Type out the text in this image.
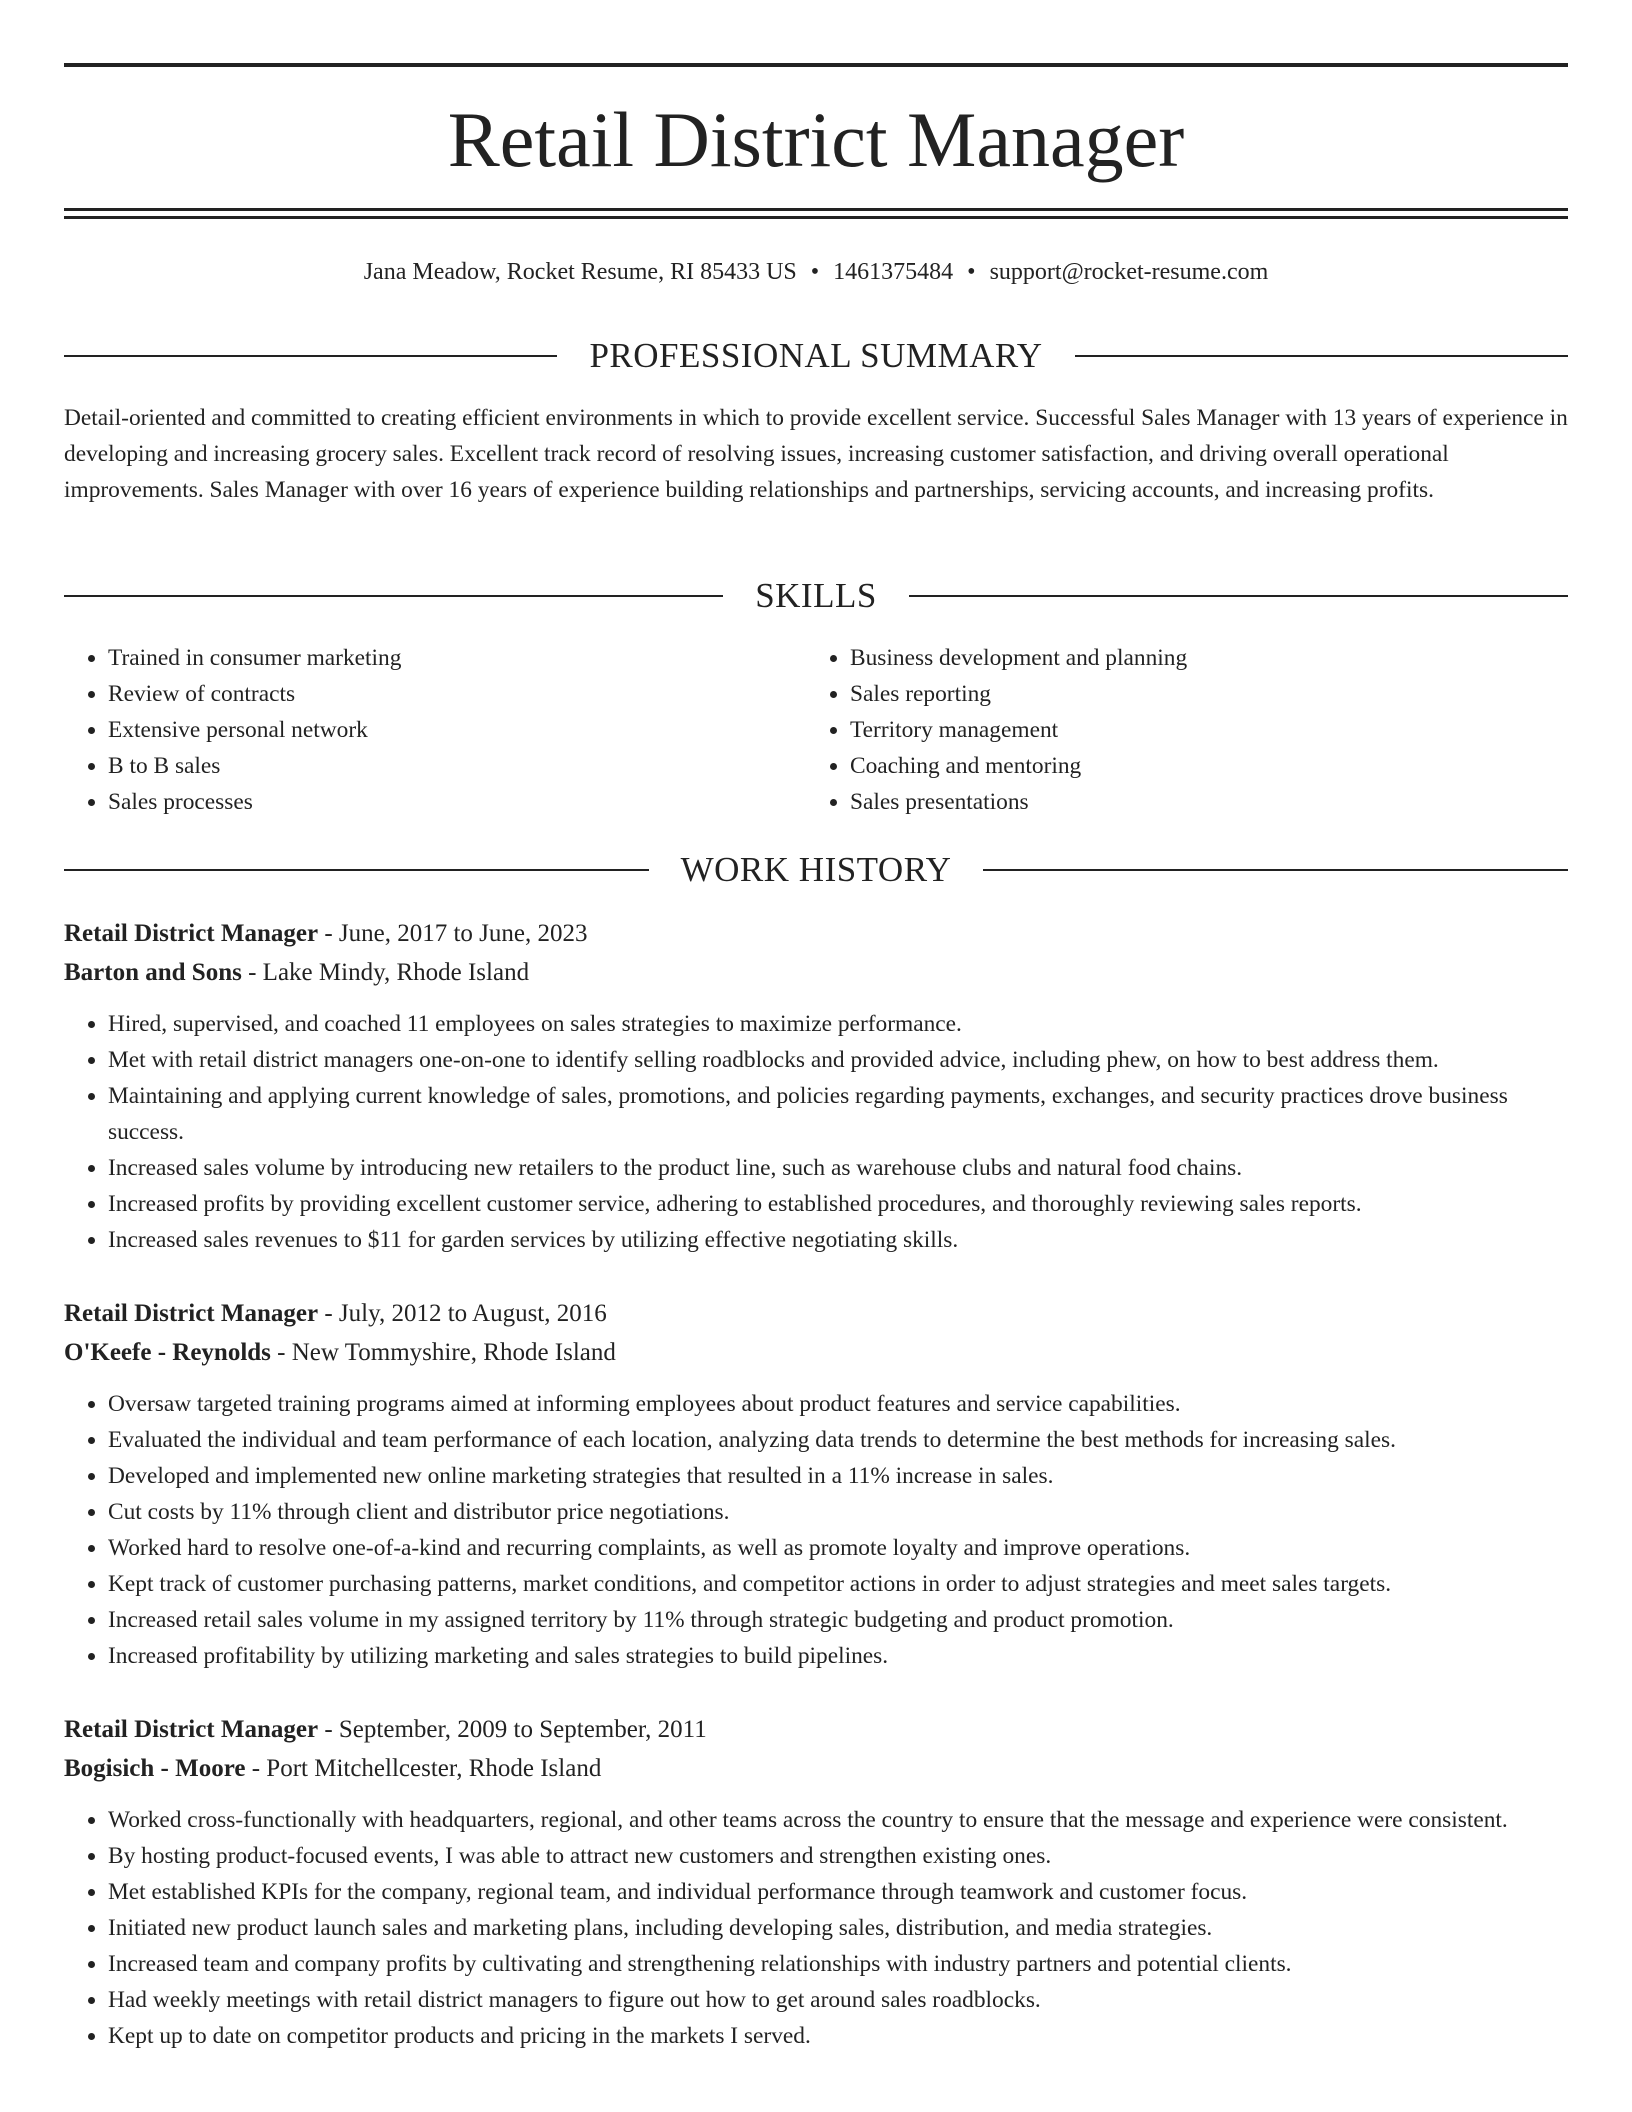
Retail District Manager
Jana Meadow, Rocket Resume, RI 85433 US • 1461375484 • support@rocket-resume.com
PROFESSIONAL SUMMARY

Detail-oriented and committed to creating efficient environments in which to provide excellent service. Successful Sales Manager with 13 years of experience in developing and increasing grocery sales. Excellent track record of resolving issues, increasing customer satisfaction, and driving overall operational improvements. Sales Manager with over 16 years of experience building relationships and partnerships, servicing accounts, and increasing profits.

SKILLS
• Trained in consumer marketing
• Review of contracts
• Extensive personal network
• B to B sales
• Sales processes
• Business development and planning
• Sales reporting
• Territory management
• Coaching and mentoring
• Sales presentations
WORK HISTORY

Retail District Manager - June, 2017 to June, 2023

Barton and Sons - Lake Mindy, Rhode Island

• Hired, supervised, and coached 11 employees on sales strategies to maximize performance.
• Met with retail district managers one-on-one to identify selling roadblocks and provided advice, including phew, on how to best address them.
• Maintaining and applying current knowledge of sales, promotions, and policies regarding payments, exchanges, and security practices drove business success.
• Increased sales volume by introducing new retailers to the product line, such as warehouse clubs and natural food chains.
• Increased profits by providing excellent customer service, adhering to established procedures, and thoroughly reviewing sales reports.
• Increased sales revenues to $11 for garden services by utilizing effective negotiating skills.

Retail District Manager - July, 2012 to August, 2016

O'Keefe - Reynolds - New Tommyshire, Rhode Island

• Oversaw targeted training programs aimed at informing employees about product features and service capabilities.
• Evaluated the individual and team performance of each location, analyzing data trends to determine the best methods for increasing sales.
• Developed and implemented new online marketing strategies that resulted in a 11% increase in sales.
• Cut costs by 11% through client and distributor price negotiations.
• Worked hard to resolve one-of-a-kind and recurring complaints, as well as promote loyalty and improve operations.
• Kept track of customer purchasing patterns, market conditions, and competitor actions in order to adjust strategies and meet sales targets.
• Increased retail sales volume in my assigned territory by 11% through strategic budgeting and product promotion.
• Increased profitability by utilizing marketing and sales strategies to build pipelines.

Retail District Manager - September, 2009 to September, 2011

Bogisich - Moore - Port Mitchellcester, Rhode Island

• Worked cross-functionally with headquarters, regional, and other teams across the country to ensure that the message and experience were consistent.
• By hosting product-focused events, I was able to attract new customers and strengthen existing ones.
• Met established KPIs for the company, regional team, and individual performance through teamwork and customer focus.
• Initiated new product launch sales and marketing plans, including developing sales, distribution, and media strategies.
• Increased team and company profits by cultivating and strengthening relationships with industry partners and potential clients.
• Had weekly meetings with retail district managers to figure out how to get around sales roadblocks.
• Kept up to date on competitor products and pricing in the markets I served.
